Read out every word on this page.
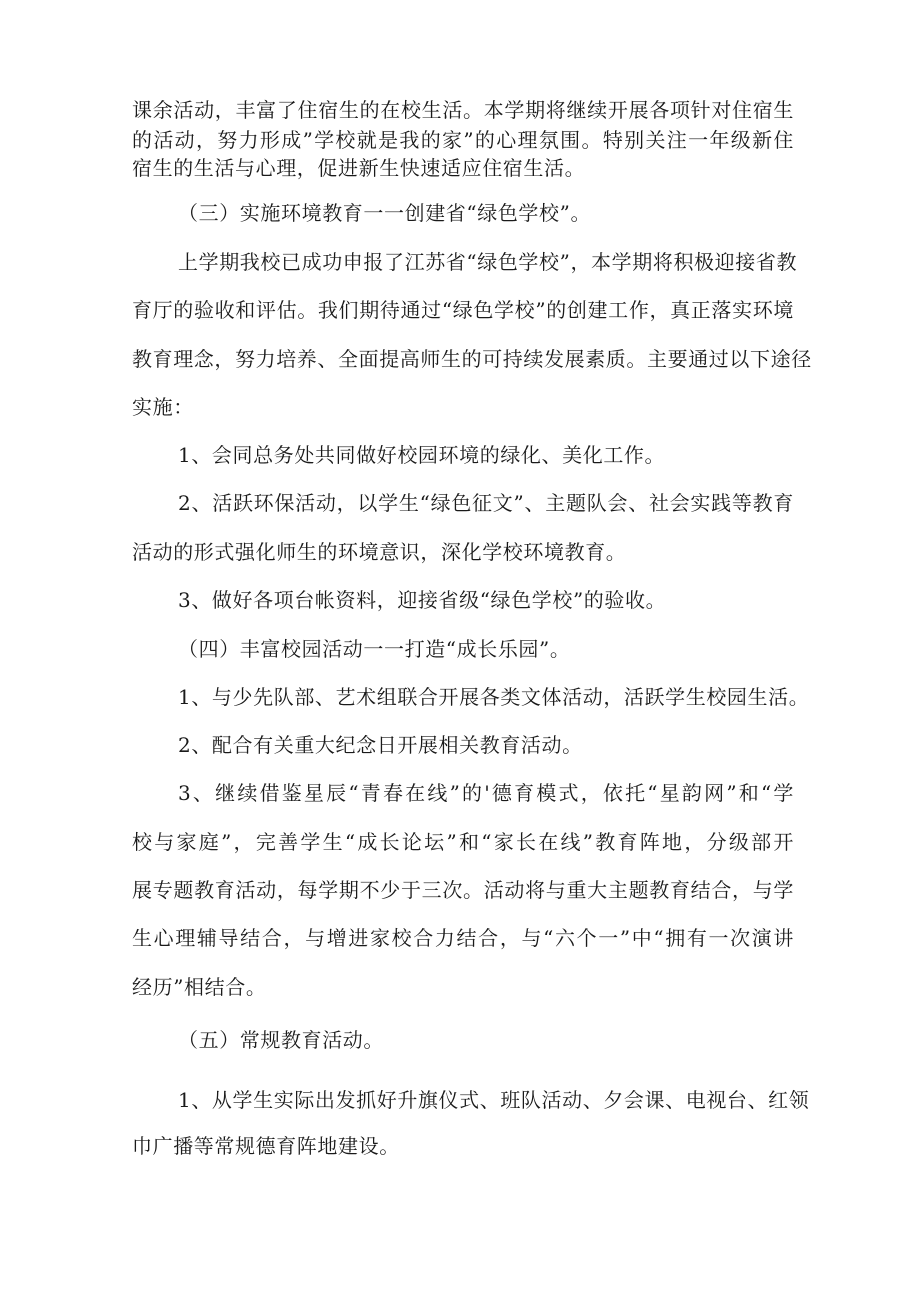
课余活动，丰富了住宿生的在校生活。本学期将继续开展各项针对住宿生
的活动，努力形成”学校就是我的家”的心理氛围。特别关注一年级新住
宿生的生活与心理，促进新生快速适应住宿生活。
（三）实施环境教育一一创建省“绿色学校”。
上学期我校已成功申报了江苏省“绿色学校”，本学期将积极迎接省教
育厅的验收和评估。我们期待通过“绿色学校”的创建工作，真正落实环境
教育理念，努力培养、全面提高师生的可持续发展素质。主要通过以下途径
实施：
1、会同总务处共同做好校园环境的绿化、美化工作。
2、活跃环保活动，以学生“绿色征文”、主题队会、社会实践等教育
活动的形式强化师生的环境意识，深化学校环境教育。
3、做好各项台帐资料，迎接省级“绿色学校”的验收。
（四）丰富校园活动一一打造“成长乐园”。
1、与少先队部、艺术组联合开展各类文体活动，活跃学生校园生活。
2、配合有关重大纪念日开展相关教育活动。
3、继续借鉴星辰“青春在线”的'德育模式，依托“星韵网”和“学
校与家庭”，完善学生“成长论坛”和“家长在线”教育阵地，分级部开
展专题教育活动，每学期不少于三次。活动将与重大主题教育结合，与学
生心理辅导结合，与增进家校合力结合，与“六个一”中“拥有一次演讲
经历”相结合。
（五）常规教育活动。
1、从学生实际出发抓好升旗仪式、班队活动、夕会课、电视台、红领
巾广播等常规德育阵地建设。
